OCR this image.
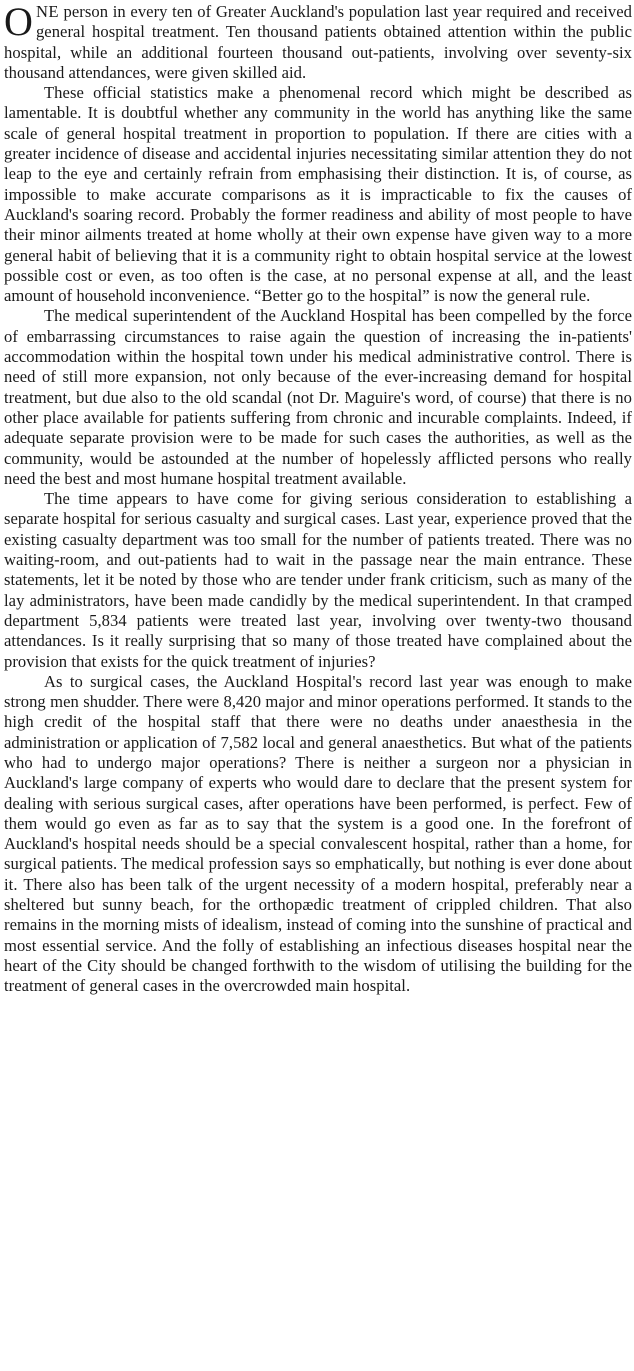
ONE person in every ten of Greater Auckland's population last year required and received general hospital treatment. Ten thousand patients obtained attention within the public hospital, while an additional fourteen thousand out-patients, involving over seventy-six thousand attendances, were given skilled aid.

These official statistics make a phenomenal record which might be described as lamentable. It is doubtful whether any community in the world has anything like the same scale of general hospital treatment in proportion to population. If there are cities with a greater incidence of disease and accidental injuries necessitating similar attention they do not leap to the eye and certainly refrain from emphasising their distinction. It is, of course, as impossible to make accurate comparisons as it is impracticable to fix the causes of Auckland's soaring record. Probably the former readiness and ability of most people to have their minor ailments treated at home wholly at their own expense have given way to a more general habit of believing that it is a community right to obtain hospital service at the lowest possible cost or even, as too often is the case, at no personal expense at all, and the least amount of household inconvenience. “Better go to the hospital” is now the general rule.

The medical superintendent of the Auckland Hospital has been compelled by the force of embarrassing circumstances to raise again the question of increasing the in-patients' accommodation within the hospital town under his medical administrative control. There is need of still more expansion, not only because of the ever-increasing demand for hospital treatment, but due also to the old scandal (not Dr. Maguire's word, of course) that there is no other place available for patients suffering from chronic and incurable complaints. Indeed, if adequate separate provision were to be made for such cases the authorities, as well as the community, would be astounded at the number of hopelessly afflicted persons who really need the best and most humane hospital treatment available.

The time appears to have come for giving serious consideration to establishing a separate hospital for serious casualty and surgical cases. Last year, experience proved that the existing casualty department was too small for the number of patients treated. There was no waiting-room, and out-patients had to wait in the passage near the main entrance. These statements, let it be noted by those who are tender under frank criticism, such as many of the lay administrators, have been made candidly by the medical superintendent. In that cramped department 5,834 patients were treated last year, involving over twenty-two thousand attendances. Is it really surprising that so many of those treated have complained about the provision that exists for the quick treatment of injuries?

As to surgical cases, the Auckland Hospital's record last year was enough to make strong men shudder. There were 8,420 major and minor operations performed. It stands to the high credit of the hospital staff that there were no deaths under anaesthesia in the administration or application of 7,582 local and general anaesthetics. But what of the patients who had to undergo major operations? There is neither a surgeon nor a physician in Auckland's large company of experts who would dare to declare that the present system for dealing with serious surgical cases, after operations have been performed, is perfect. Few of them would go even as far as to say that the system is a good one. In the forefront of Auckland's hospital needs should be a special convalescent hospital, rather than a home, for surgical patients. The medical profession says so emphatically, but nothing is ever done about it. There also has been talk of the urgent necessity of a modern hospital, preferably near a sheltered but sunny beach, for the orthopædic treatment of crippled children. That also remains in the morning mists of idealism, instead of coming into the sunshine of practical and most essential service. And the folly of establishing an infectious diseases hospital near the heart of the City should be changed forthwith to the wisdom of utilising the building for the treatment of general cases in the overcrowded main hospital.
